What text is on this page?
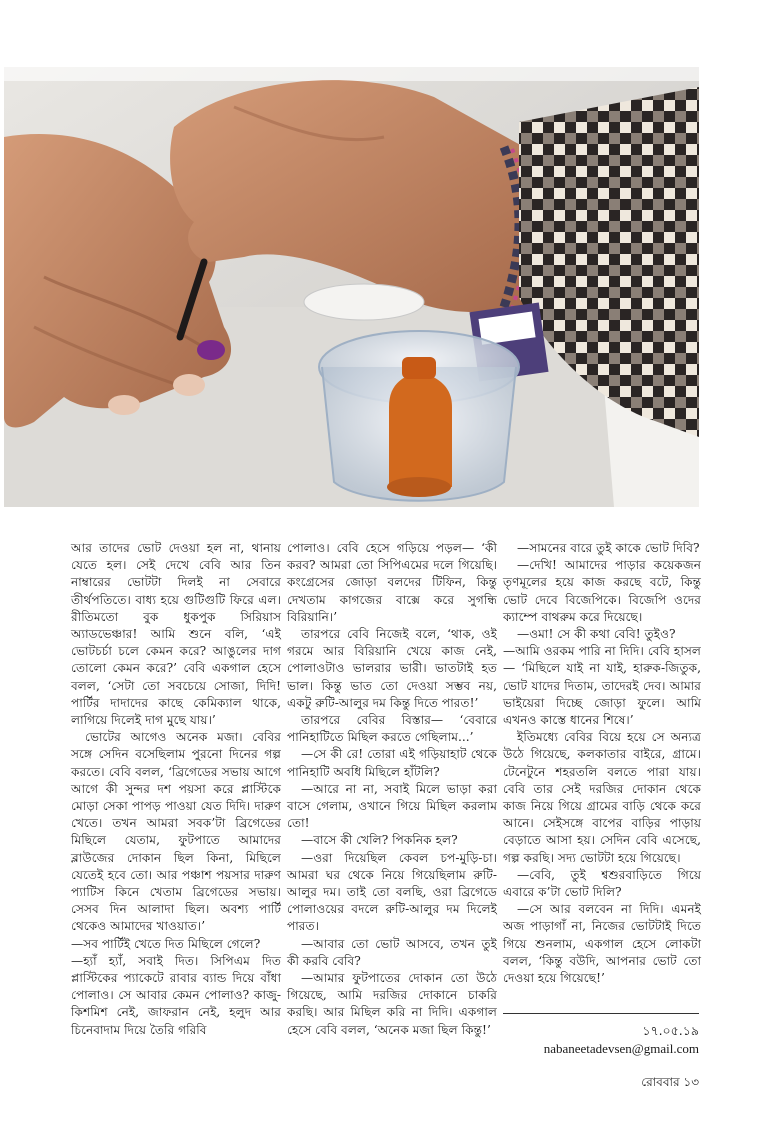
আর তাদের ভোট দেওয়া হল না, থানায় যেতে হল। সেই দেখে বেবি আর তিন নাম্বারের ভোটটা দিলই না সেবারে তীর্থপতিতে। বাধ্য হয়ে গুটিগুটি ফিরে এল। রীতিমতো বুক ধুকপুক সিরিয়াস অ্যাডভেঞ্চার! আমি শুনে বলি, ‘এই ভোটচর্চা চলে কেমন করে? আঙুলের দাগ তোলো কেমন করে?’ বেবি একগাল হেসে বলল, ‘সেটা তো সবচেয়ে সোজা, দিদি! পার্টির দাদাদের কাছে কেমিক্যাল থাকে, লাগিয়ে দিলেই দাগ মুছে যায়।’

ভোটের আগেও অনেক মজা। বেবির সঙ্গে সেদিন বসেছিলাম পুরনো দিনের গল্প করতে। বেবি বলল, ‘ব্রিগেডের সভায় আগে আগে কী সুন্দর দশ পয়সা করে প্লাস্টিকে মোড়া সেকা পাপড় পাওয়া যেত দিদি। দারুণ খেতে। তখন আমরা সবক’টা ব্রিগেডের মিছিলে যেতাম, ফুটপাতে আমাদের ব্লাউজের দোকান ছিল কিনা, মিছিলে যেতেই হবে তো। আর পঞ্চাশ পয়সার দারুণ প্যাটিস কিনে খেতাম ব্রিগেডের সভায়। সেসব দিন আলাদা ছিল। অবশ্য পার্টি থেকেও আমাদের খাওয়াত।’

—সব পার্টিই খেতে দিত মিছিলে গেলে?

—হ্যাঁ হ্যাঁ, সবাই দিত। সিপিএম দিত প্লাস্টিকের প্যাকেটে রাবার ব্যান্ড দিয়ে বাঁধা পোলাও। সে আবার কেমন পোলাও? কাজু-কিশমিশ নেই, জাফরান নেই, হলুদ আর চিনেবাদাম দিয়ে তৈরি গরিবি

পোলাও। বেবি হেসে গড়িয়ে পড়ল— ‘কী করব? আমরা তো সিপিএমের দলে গিয়েছি। কংগ্রেসের জোড়া বলদের টিফিন, কিন্তু দেখতাম কাগজের বাক্সে করে সুগন্ধি বিরিয়ানি।’

তারপরে বেবি নিজেই বলে, ‘থাক, ওই গরমে আর বিরিয়ানি খেয়ে কাজ নেই, পোলাওটাও ভালরার ভারী। ভাতটাই হত ভাল। কিন্তু ভাত তো দেওয়া সম্ভব নয়, একটু রুটি-আলুর দম কিন্তু দিতে পারত!’

তারপরে বেবির বিস্তার— ‘বেবারে পানিহাটিতে মিছিল করতে গেছিলাম...’

—সে কী রে! তোরা এই গড়িয়াহাট থেকে পানিহাটি অবধি মিছিলে হাঁটলি?

—আরে না না, সবাই মিলে ভাড়া করা বাসে গেলাম, ওখানে গিয়ে মিছিল করলাম তো!

—বাসে কী খেলি? পিকনিক হল?

—ওরা দিয়েছিল কেবল চপ-মুড়ি-চা। আমরা ঘর থেকে নিয়ে গিয়েছিলাম রুটি-আলুর দম। তাই তো বলছি, ওরা ব্রিগেডে পোলাওয়ের বদলে রুটি-আলুর দম দিলেই পারত।

—আবার তো ভোট আসবে, তখন তুই কী করবি বেবি?

—আমার ফুটপাতের দোকান তো উঠে গিয়েছে, আমি দরজির দোকানে চাকরি করছি। আর মিছিল করি না দিদি। একগাল হেসে বেবি বলল, ‘অনেক মজা ছিল কিন্তু!’

—সামনের বারে তুই কাকে ভোট দিবি?

—দেখি! আমাদের পাড়ার কয়েকজন তৃণমূলের হয়ে কাজ করছে বটে, কিন্তু ভোট দেবে বিজেপিকে। বিজেপি ওদের ক্যাম্পে বাথরুম করে দিয়েছে।

—ওমা! সে কী কথা বেবি! তুইও?

—আমি ওরকম পারি না দিদি। বেবি হাসল— ‘মিছিলে যাই না যাই, হারুক-জিতুক, ভোট যাদের দিতাম, তাদেরই দেব। আমার ভাইয়েরা দিচ্ছে জোড়া ফুলে। আমি এখনও কাস্তে ধানের শিষে।’

ইতিমধ্যে বেবির বিয়ে হয়ে সে অন্যত্র উঠে গিয়েছে, কলকাতার বাইরে, গ্রামে। টেনেটুনে শহরতলি বলতে পারা যায়। বেবি তার সেই দরজির দোকান থেকে কাজ নিয়ে গিয়ে গ্রামের বাড়ি থেকে করে আনে। সেইসঙ্গে বাপের বাড়ির পাড়ায় বেড়াতে আসা হয়। সেদিন বেবি এসেছে, গল্প করছি। সদ্য ভোটটা হয়ে গিয়েছে।

—বেবি, তুই শ্বশুরবাড়িতে গিয়ে এবারে ক’টা ভোট দিলি?

—সে আর বলবেন না দিদি। এমনই অজ পাড়াগাঁ না, নিজের ভোটটাই দিতে গিয়ে শুনলাম, একগাল হেসে লোকটা বলল, ‘কিন্তু বউদি, আপনার ভোট তো দেওয়া হয়ে গিয়েছে!’

১৭.০৫.১৯
nabaneetadevsen@gmail.com
রোববার ১৩
